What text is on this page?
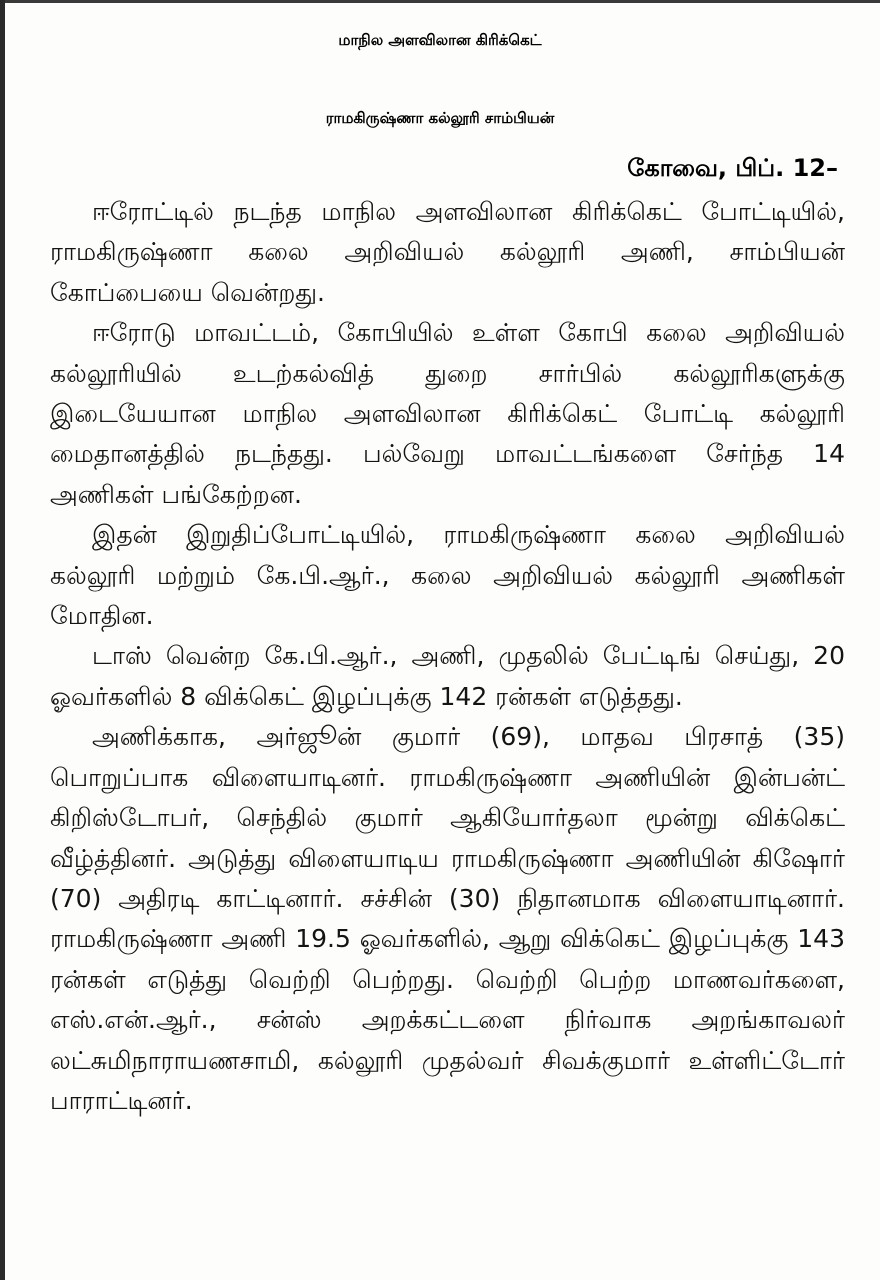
மாநில அளவிலான கிரிக்கெட்
ராமகிருஷ்ணா கல்லூரி சாம்பியன்
கோவை, பிப். 12–

ஈரோட்டில் நடந்த மாநில அளவிலான கிரிக்கெட் போட்டியில், ராமகிருஷ்ணா கலை அறிவியல் கல்லூரி அணி, சாம்பியன் கோப்பையை வென்றது.

ஈரோடு மாவட்டம், கோபியில் உள்ள கோபி கலை அறிவியல் கல்லூரியில் உடற்கல்வித் துறை சார்பில் கல்லூரிகளுக்கு இடையேயான மாநில அளவிலான கிரிக்கெட் போட்டி கல்லூரி மைதானத்தில் நடந்தது. பல்வேறு மாவட்டங்களை சேர்ந்த 14 அணிகள் பங்கேற்றன.

இதன் இறுதிப்போட்டியில், ராமகிருஷ்ணா கலை அறிவியல் கல்லூரி மற்றும் கே.பி.ஆர்., கலை அறிவியல் கல்லூரி அணிகள் மோதின.

டாஸ் வென்ற கே.பி.ஆர்., அணி, முதலில் பேட்டிங் செய்து, 20 ஓவர்களில் 8 விக்கெட் இழப்புக்கு 142 ரன்கள் எடுத்தது.

அணிக்காக, அர்ஜூன் குமார் (69), மாதவ பிரசாத் (35) பொறுப்பாக விளையாடினர். ராமகிருஷ்ணா அணியின் இன்பன்ட் கிறிஸ்டோபர், செந்தில் குமார் ஆகியோர்தலா மூன்று விக்கெட் வீழ்த்தினர். அடுத்து விளையாடிய ராமகிருஷ்ணா அணியின் கிஷோர் (70) அதிரடி காட்டினார். சச்சின் (30) நிதானமாக விளையாடினார். ராமகிருஷ்ணா அணி 19.5 ஓவர்களில், ஆறு விக்கெட் இழப்புக்கு 143 ரன்கள் எடுத்து வெற்றி பெற்றது. வெற்றி பெற்ற மாணவர்களை, எஸ்.என்.ஆர்., சன்ஸ் அறக்கட்டளை நிர்வாக அறங்காவலர் லட்சுமிநாராயணசாமி, கல்லூரி முதல்வர் சிவக்குமார் உள்ளிட்டோர் பாராட்டினர்.
